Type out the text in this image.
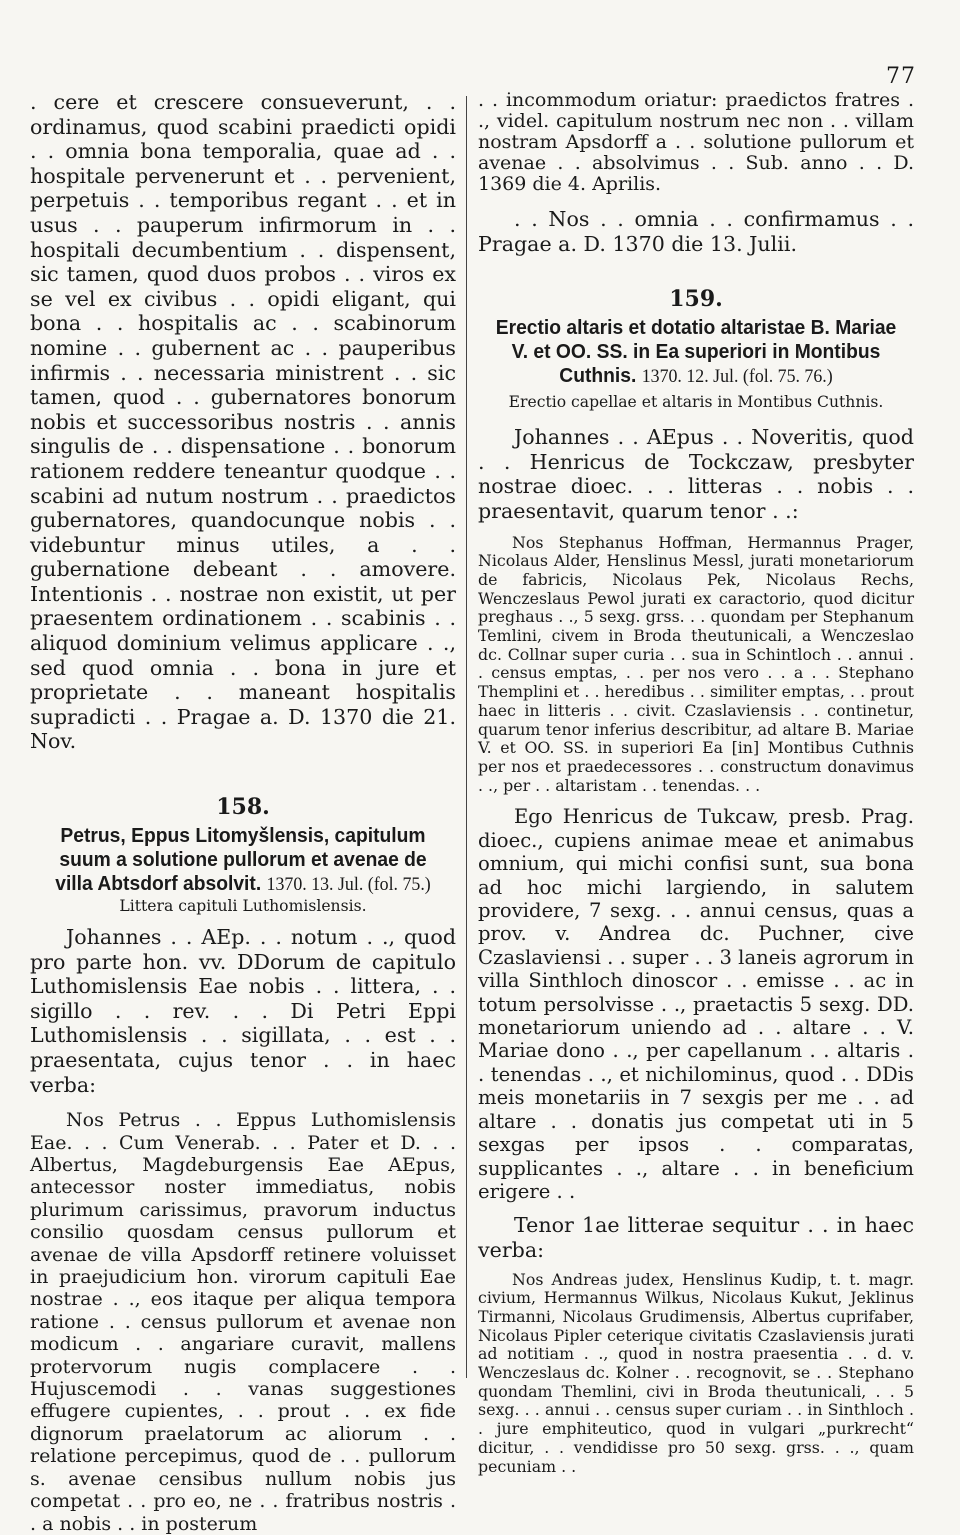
77

. cere et crescere consueverunt, . . ordinamus, quod scabini praedicti opidi . . omnia bona temporalia, quae ad . . hospitale pervenerunt et . . pervenient, perpetuis . . temporibus regant . . et in usus . . pauperum infirmorum in . . hospitali decumbentium . . dispensent, sic tamen, quod duos probos . . viros ex se vel ex civibus . . opidi eligant, qui bona . . hospitalis ac . . scabinorum nomine . . gubernent ac . . pauperibus infirmis . . necessaria ministrent . . sic tamen, quod . . gubernatores bonorum nobis et successoribus nostris . . annis singulis de . . dispensatione . . bonorum rationem reddere teneantur quodque . . scabini ad nutum nostrum . . praedictos gubernatores, quandocunque nobis . . videbuntur minus utiles, a . . gubernatione debeant . . amovere. Intentionis . . nostrae non existit, ut per praesentem ordinationem . . scabinis . . aliquod dominium velimus applicare . ., sed quod omnia . . bona in jure et proprietate . . maneant hospitalis supradicti . . Pragae a. D. 1370 die 21. Nov.

158.

Petrus, Eppus Litomyšlensis, capitulum suum a solutione pullorum et avenae de villa Abtsdorf absolvit. 1370. 13. Jul. (fol. 75.)

Littera capituli Luthomislensis.

Johannes . . AEp. . . notum . ., quod pro parte hon. vv. DDorum de capitulo Luthomislensis Eae nobis . . littera, . . sigillo . . rev. . . Di Petri Eppi Luthomislensis . . sigillata, . . est . . praesentata, cujus tenor . . in haec verba:

Nos Petrus . . Eppus Luthomislensis Eae. . . Cum Venerab. . . Pater et D. . . Albertus, Magdeburgensis Eae AEpus, antecessor noster immediatus, nobis plurimum carissimus, pravorum inductus consilio quosdam census pullorum et avenae de villa Apsdorff retinere voluisset in praejudicium hon. virorum capituli Eae nostrae . ., eos itaque per aliqua tempora ratione . . census pullorum et avenae non modicum . . angariare curavit, mallens protervorum nugis complacere . . Hujuscemodi . . vanas suggestiones effugere cupientes, . . prout . . ex fide dignorum praelatorum ac aliorum . . relatione percepimus, quod de . . pullorum s. avenae censibus nullum nobis jus competat . . pro eo, ne . . fratribus nostris . . a nobis . . in posterum

. . incommodum oriatur: praedictos fratres . ., videl. capitulum nostrum nec non . . villam nostram Apsdorff a . . solutione pullorum et avenae . . absolvimus . . Sub. anno . . D. 1369 die 4. Aprilis.

. . Nos . . omnia . . confirmamus . . Pragae a. D. 1370 die 13. Julii.

159.

Erectio altaris et dotatio altaristae B. Mariae V. et OO. SS. in Ea superiori in Montibus Cuthnis. 1370. 12. Jul. (fol. 75. 76.)

Erectio capellae et altaris in Montibus Cuthnis.

Johannes . . AEpus . . Noveritis, quod . . Henricus de Tockczaw, presbyter nostrae dioec. . . litteras . . nobis . . praesentavit, quarum tenor . .:

Nos Stephanus Hoffman, Hermannus Prager, Nicolaus Alder, Henslinus Messl, jurati monetariorum de fabricis, Nicolaus Pek, Nicolaus Rechs, Wenczeslaus Pewol jurati ex caractorio, quod dicitur preghaus . ., 5 sexg. grss. . . quondam per Stephanum Temlini, civem in Broda theutunicali, a Wenczeslao dc. Collnar super curia . . sua in Schintloch . . annui . . census emptas, . . per nos vero . . a . . Stephano Themplini et . . heredibus . . similiter emptas, . . prout haec in litteris . . civit. Czaslaviensis . . continetur, quarum tenor inferius describitur, ad altare B. Mariae V. et OO. SS. in superiori Ea [in] Montibus Cuthnis per nos et praedecessores . . constructum donavimus . ., per . . altaristam . . tenendas. . .

Ego Henricus de Tukcaw, presb. Prag. dioec., cupiens animae meae et animabus omnium, qui michi confisi sunt, sua bona ad hoc michi largiendo, in salutem providere, 7 sexg. . . annui census, quas a prov. v. Andrea dc. Puchner, cive Czaslaviensi . . super . . 3 laneis agrorum in villa Sinthloch dinoscor . . emisse . . ac in totum persolvisse . ., praetactis 5 sexg. DD. monetariorum uniendo ad . . altare . . V. Mariae dono . ., per capellanum . . altaris . . tenendas . ., et nichilominus, quod . . DDis meis monetariis in 7 sexgis per me . . ad altare . . donatis jus competat uti in 5 sexgas per ipsos . . comparatas, supplicantes . ., altare . . in beneficium erigere . .

Tenor 1ae litterae sequitur . . in haec verba:

Nos Andreas judex, Henslinus Kudip, t. t. magr. civium, Hermannus Wilkus, Nicolaus Kukut, Jeklinus Tirmanni, Nicolaus Grudimensis, Albertus cuprifaber, Nicolaus Pipler ceterique civitatis Czaslaviensis jurati ad notitiam . ., quod in nostra praesentia . . d. v. Wenczeslaus dc. Kolner . . recognovit, se . . Stephano quondam Themlini, civi in Broda theutunicali, . . 5 sexg. . . annui . . census super curiam . . in Sinthloch . . jure emphiteutico, quod in vulgari „purkrecht“ dicitur, . . vendidisse pro 50 sexg. grss. . ., quam pecuniam . .
